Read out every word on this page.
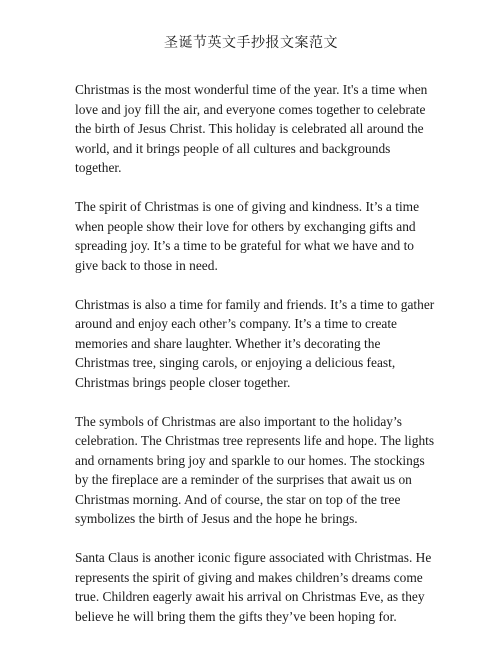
圣诞节英文手抄报文案范文

Christmas is the most wonderful time of the year. It's a time when
love and joy fill the air, and everyone comes together to celebrate
the birth of Jesus Christ. This holiday is celebrated all around the
world, and it brings people of all cultures and backgrounds
together.

The spirit of Christmas is one of giving and kindness. It’s a time
when people show their love for others by exchanging gifts and
spreading joy. It’s a time to be grateful for what we have and to
give back to those in need.

Christmas is also a time for family and friends. It’s a time to gather
around and enjoy each other’s company. It’s a time to create
memories and share laughter. Whether it’s decorating the
Christmas tree, singing carols, or enjoying a delicious feast,
Christmas brings people closer together.

The symbols of Christmas are also important to the holiday’s
celebration. The Christmas tree represents life and hope. The lights
and ornaments bring joy and sparkle to our homes. The stockings
by the fireplace are a reminder of the surprises that await us on
Christmas morning. And of course, the star on top of the tree
symbolizes the birth of Jesus and the hope he brings.

Santa Claus is another iconic figure associated with Christmas. He
represents the spirit of giving and makes children’s dreams come
true. Children eagerly await his arrival on Christmas Eve, as they
believe he will bring them the gifts they’ve been hoping for.
